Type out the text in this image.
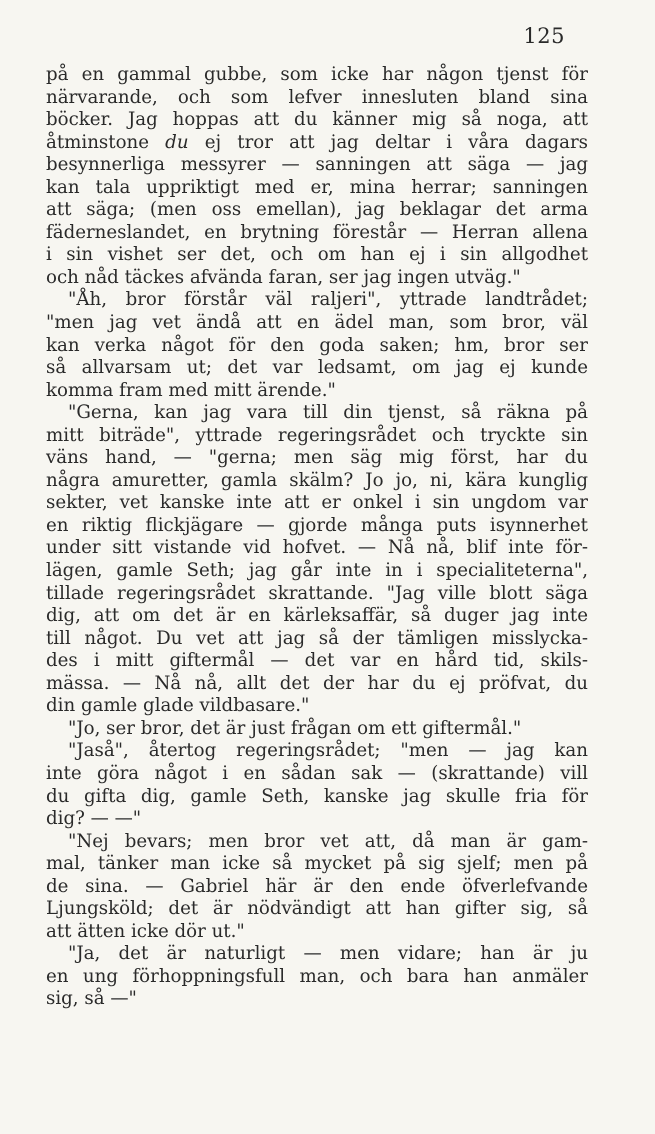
125
på en gammal gubbe, som icke har någon tjenst för
närvarande, och som lefver innesluten bland sina
böcker. Jag hoppas att du känner mig så noga, att
åtminstone du ej tror att jag deltar i våra dagars
besynnerliga messyrer — sanningen att säga — jag
kan tala uppriktigt med er, mina herrar; sanningen
att säga; (men oss emellan), jag beklagar det arma
fäderneslandet, en brytning förestår — Herran allena
i sin vishet ser det, och om han ej i sin allgodhet
och nåd täckes afvända faran, ser jag ingen utväg."
"Åh, bror förstår väl raljeri", yttrade landtrådet;
"men jag vet ändå att en ädel man, som bror, väl
kan verka något för den goda saken; hm, bror ser
så allvarsam ut; det var ledsamt, om jag ej kunde
komma fram med mitt ärende."
"Gerna, kan jag vara till din tjenst, så räkna på
mitt biträde", yttrade regeringsrådet och tryckte sin
väns hand, — "gerna; men säg mig först, har du
några amuretter, gamla skälm? Jo jo, ni, kära kunglig
sekter, vet kanske inte att er onkel i sin ungdom var
en riktig flickjägare — gjorde många puts isynnerhet
under sitt vistande vid hofvet. — Nå nå, blif inte för-
lägen, gamle Seth; jag går inte in i specialiteterna",
tillade regeringsrådet skrattande. "Jag ville blott säga
dig, att om det är en kärleksaffär, så duger jag inte
till något. Du vet att jag så der tämligen misslycka-
des i mitt giftermål — det var en hård tid, skils-
mässa. — Nå nå, allt det der har du ej pröfvat, du
din gamle glade vildbasare."
"Jo, ser bror, det är just frågan om ett giftermål."
"Jaså", återtog regeringsrådet; "men — jag kan
inte göra något i en sådan sak — (skrattande) vill
du gifta dig, gamle Seth, kanske jag skulle fria för
dig? — —"
"Nej bevars; men bror vet att, då man är gam-
mal, tänker man icke så mycket på sig sjelf; men på
de sina. — Gabriel här är den ende öfverlefvande
Ljungsköld; det är nödvändigt att han gifter sig, så
att ätten icke dör ut."
"Ja, det är naturligt — men vidare; han är ju
en ung förhoppningsfull man, och bara han anmäler
sig, så —"
